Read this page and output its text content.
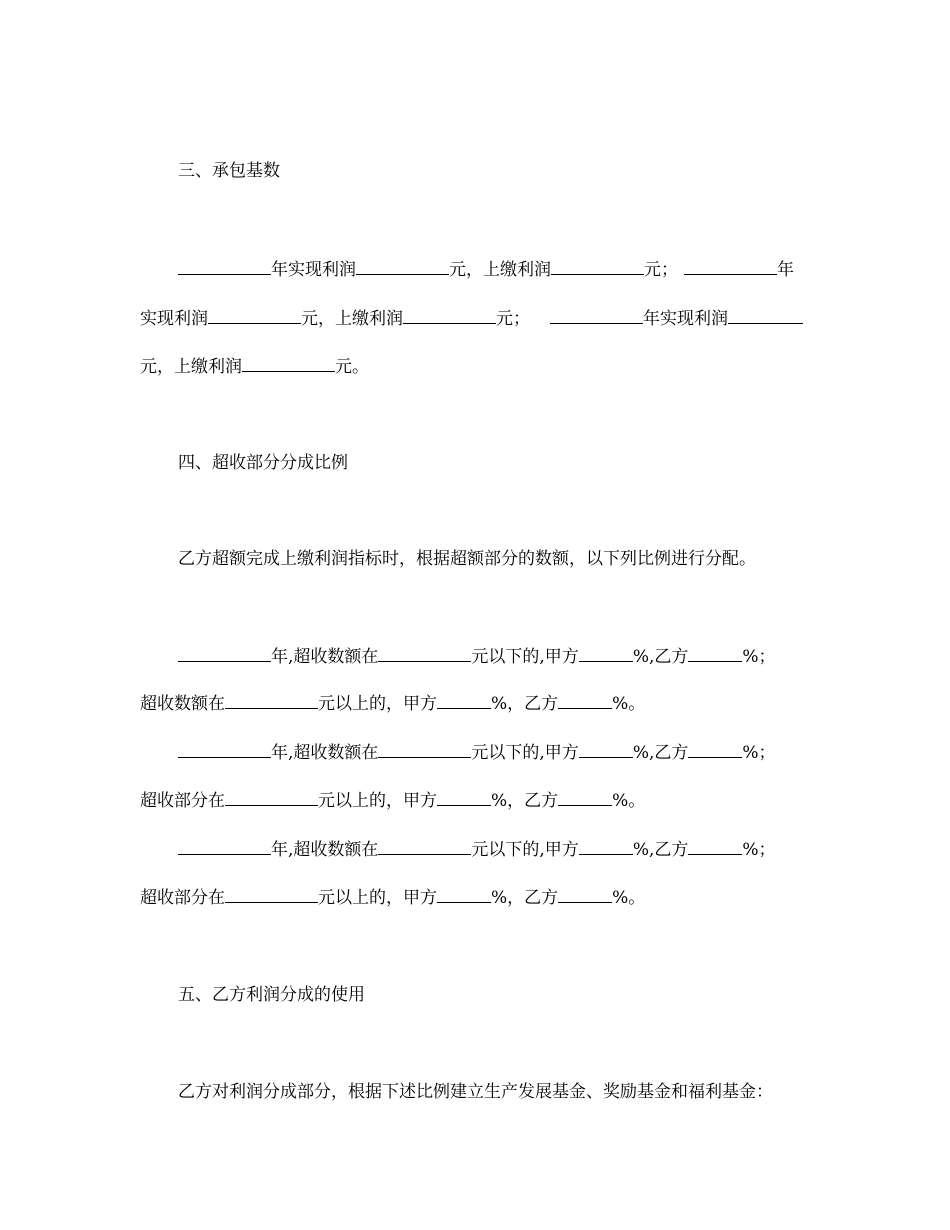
三、承包基数
年实现利润	元，上缴利润	元；	年
实现利润	元，上缴利润	元；	年实现利润
元，上缴利润	元。
四、超收部分分成比例
乙方超额完成上缴利润指标时，根据超额部分的数额，以下列比例进行分配。
年,超收数额在	元以下的,甲方	%,乙方	%；
超收数额在	元以上的，甲方	%，乙方	%。
年,超收数额在	元以下的,甲方	%,乙方	%；
超收部分在	元以上的，甲方	%，乙方	%。
年,超收数额在	元以下的,甲方	%,乙方	%；
超收部分在	元以上的，甲方	%，乙方	%。
五、乙方利润分成的使用
乙方对利润分成部分，根据下述比例建立生产发展基金、奖励基金和福利基金：
